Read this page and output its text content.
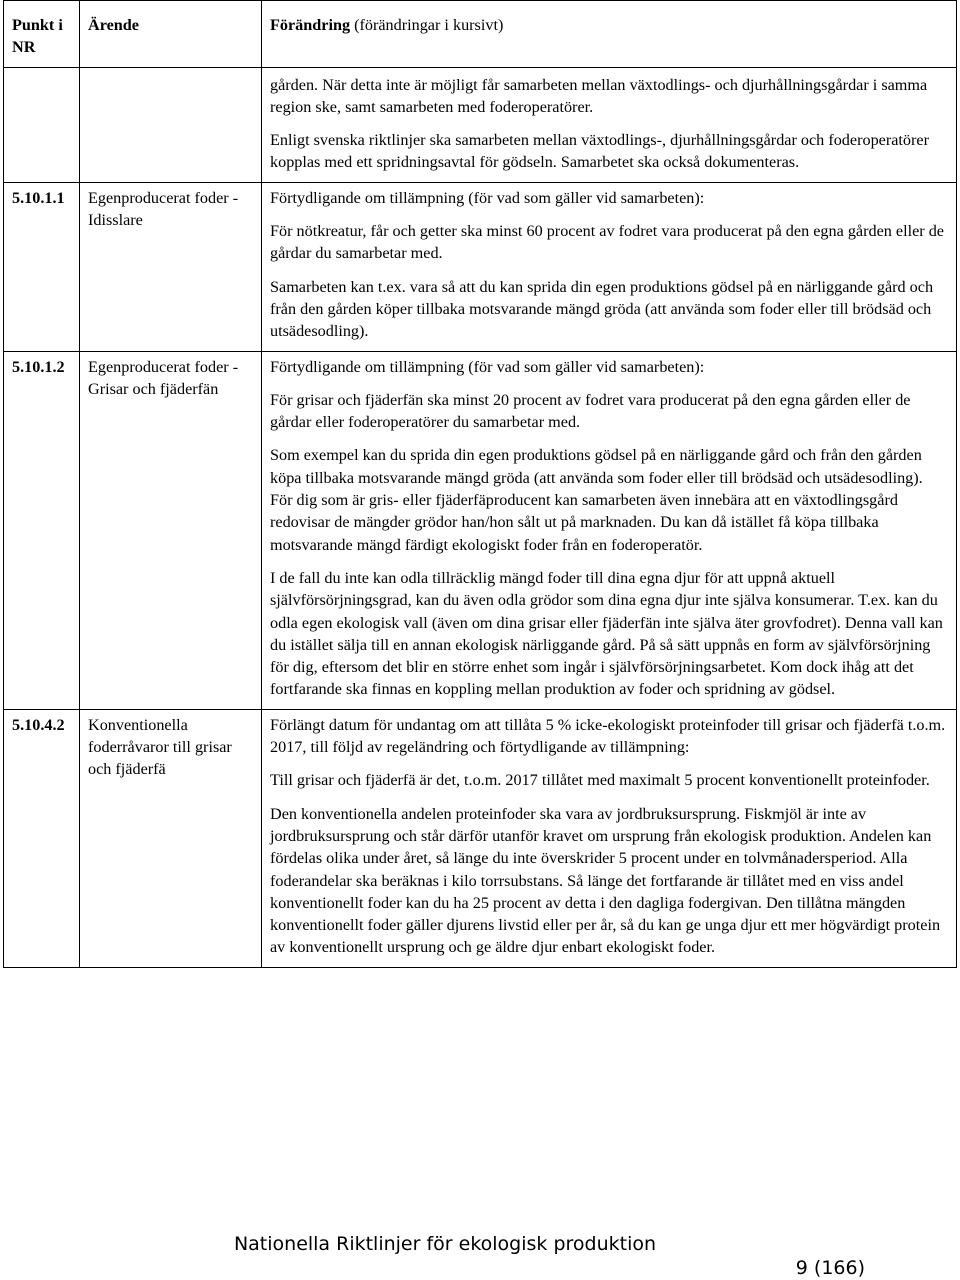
Punkt i NR	Ärende	Förändring (förändringar i kursivt)

		gården. När detta inte är möjligt får samarbeten mellan växtodlings- och djurhållningsgårdar i samma region ske, samt samarbeten med foderoperatörer.

Enligt svenska riktlinjer ska samarbeten mellan växtodlings-, djurhållningsgårdar och foderoperatörer kopplas med ett spridningsavtal för gödseln. Samarbetet ska också dokumenteras.

5.10.1.1	Egenproducerat foder - Idisslare	Förtydligande om tillämpning (för vad som gäller vid samarbeten):

För nötkreatur, får och getter ska minst 60 procent av fodret vara producerat på den egna gården eller de gårdar du samarbetar med.

Samarbeten kan t.ex. vara så att du kan sprida din egen produktions gödsel på en närliggande gård och från den gården köper tillbaka motsvarande mängd gröda (att använda som foder eller till brödsäd och utsädesodling).

5.10.1.2	Egenproducerat foder - Grisar och fjäderfän	Förtydligande om tillämpning (för vad som gäller vid samarbeten):

För grisar och fjäderfän ska minst 20 procent av fodret vara producerat på den egna gården eller de gårdar eller foderoperatörer du samarbetar med.

Som exempel kan du sprida din egen produktions gödsel på en närliggande gård och från den gården köpa tillbaka motsvarande mängd gröda (att använda som foder eller till brödsäd och utsädesodling). För dig som är gris- eller fjäderfäproducent kan samarbeten även innebära att en växtodlingsgård redovisar de mängder grödor han/hon sålt ut på marknaden. Du kan då istället få köpa tillbaka motsvarande mängd färdigt ekologiskt foder från en foderoperatör.

I de fall du inte kan odla tillräcklig mängd foder till dina egna djur för att uppnå aktuell självförsörjningsgrad, kan du även odla grödor som dina egna djur inte själva konsumerar. T.ex. kan du odla egen ekologisk vall (även om dina grisar eller fjäderfän inte själva äter grovfodret). Denna vall kan du istället sälja till en annan ekologisk närliggande gård. På så sätt uppnås en form av självförsörjning för dig, eftersom det blir en större enhet som ingår i självförsörjningsarbetet. Kom dock ihåg att det fortfarande ska finnas en koppling mellan produktion av foder och spridning av gödsel.

5.10.4.2	Konventionella foderråvaror till grisar och fjäderfä	Förlängt datum för undantag om att tillåta 5 % icke-ekologiskt proteinfoder till grisar och fjäderfä t.o.m. 2017, till följd av regeländring och förtydligande av tillämpning:

Till grisar och fjäderfä är det, t.o.m. 2017 tillåtet med maximalt 5 procent konventionellt proteinfoder.

Den konventionella andelen proteinfoder ska vara av jordbruksursprung. Fiskmjöl är inte av jordbruksursprung och står därför utanför kravet om ursprung från ekologisk produktion. Andelen kan fördelas olika under året, så länge du inte överskrider 5 procent under en tolvmånadersperiod. Alla foderandelar ska beräknas i kilo torrsubstans. Så länge det fortfarande är tillåtet med en viss andel konventionellt foder kan du ha 25 procent av detta i den dagliga fodergivan. Den tillåtna mängden konventionellt foder gäller djurens livstid eller per år, så du kan ge unga djur ett mer högvärdigt protein av konventionellt ursprung och ge äldre djur enbart ekologiskt foder.

Nationella Riktlinjer för ekologisk produktion
9 (166)
